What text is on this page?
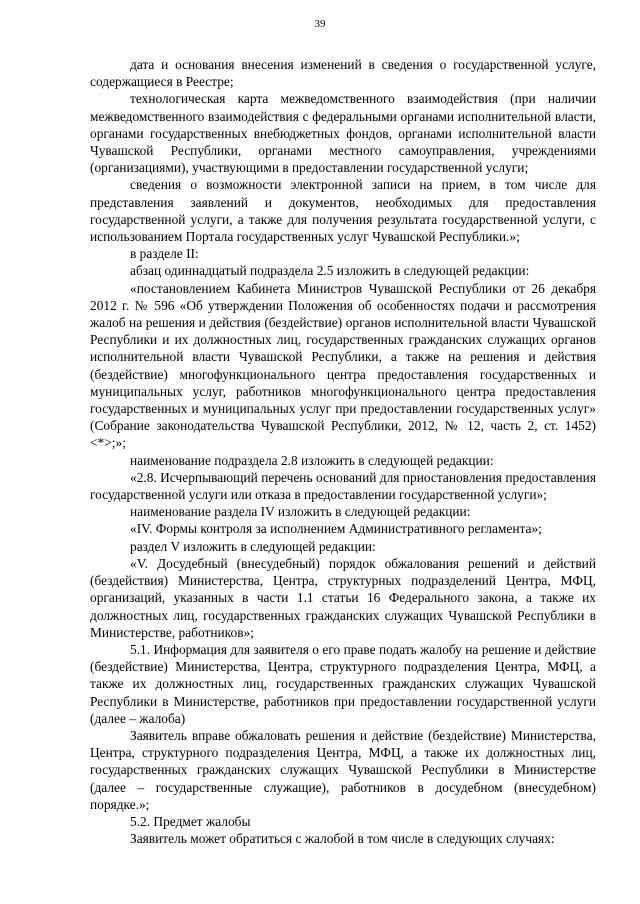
39

дата и основания внесения изменений в сведения о государственной услуге, содержащиеся в Реестре;

технологическая карта межведомственного взаимодействия (при наличии межведомственного взаимодействия с федеральными органами исполнительной власти, органами государственных внебюджетных фондов, органами исполнительной власти Чувашской Республики, органами местного самоуправления, учреждениями (организациями), участвующими в предоставлении государственной услуги;

сведения о возможности электронной записи на прием, в том числе для представления заявлений и документов, необходимых для предоставления государственной услуги, а также для получения результата государственной услуги, с использованием Портала государственных услуг Чувашской Республики.»;

в разделе II:

абзац одиннадцатый подраздела 2.5 изложить в следующей редакции:

«постановлением Кабинета Министров Чувашской Республики от 26 декабря 2012 г. № 596 «Об утверждении Положения об особенностях подачи и рассмотрения жалоб на решения и действия (бездействие) органов исполнительной власти Чувашской Республики и их должностных лиц, государственных гражданских служащих органов исполнительной власти Чувашской Республики, а также на решения и действия (бездействие) многофункционального центра предоставления государственных и муниципальных услуг, работников многофункционального центра предоставления государственных и муниципальных услуг при предоставлении государственных услуг» (Собрание законодательства Чувашской Республики, 2012, № 12, часть 2, ст. 1452) <*>;»;

наименование подраздела 2.8 изложить в следующей редакции:

«2.8. Исчерпывающий перечень оснований для приостановления предоставления государственной услуги или отказа в предоставлении государственной услуги»;

наименование раздела IV изложить в следующей редакции:

«IV. Формы контроля за исполнением Административного регламента»;

раздел V изложить в следующей редакции:

«V. Досудебный (внесудебный) порядок обжалования решений и действий (бездействия) Министерства, Центра, структурных подразделений Центра, МФЦ, организаций, указанных в части 1.1 статьи 16 Федерального закона, а также их должностных лиц, государственных гражданских служащих Чувашской Республики в Министерстве, работников»;

5.1. Информация для заявителя о его праве подать жалобу на решение и действие (бездействие) Министерства, Центра, структурного подразделения Центра, МФЦ, а также их должностных лиц, государственных гражданских служащих Чувашской Республики в Министерстве, работников при предоставлении государственной услуги (далее – жалоба)

Заявитель вправе обжаловать решения и действие (бездействие) Министерства, Центра, структурного подразделения Центра, МФЦ, а также их должностных лиц, государственных гражданских служащих Чувашской Республики в Министерстве (далее – государственные служащие), работников в досудебном (внесудебном) порядке.»;

5.2. Предмет жалобы

Заявитель может обратиться с жалобой в том числе в следующих случаях:
